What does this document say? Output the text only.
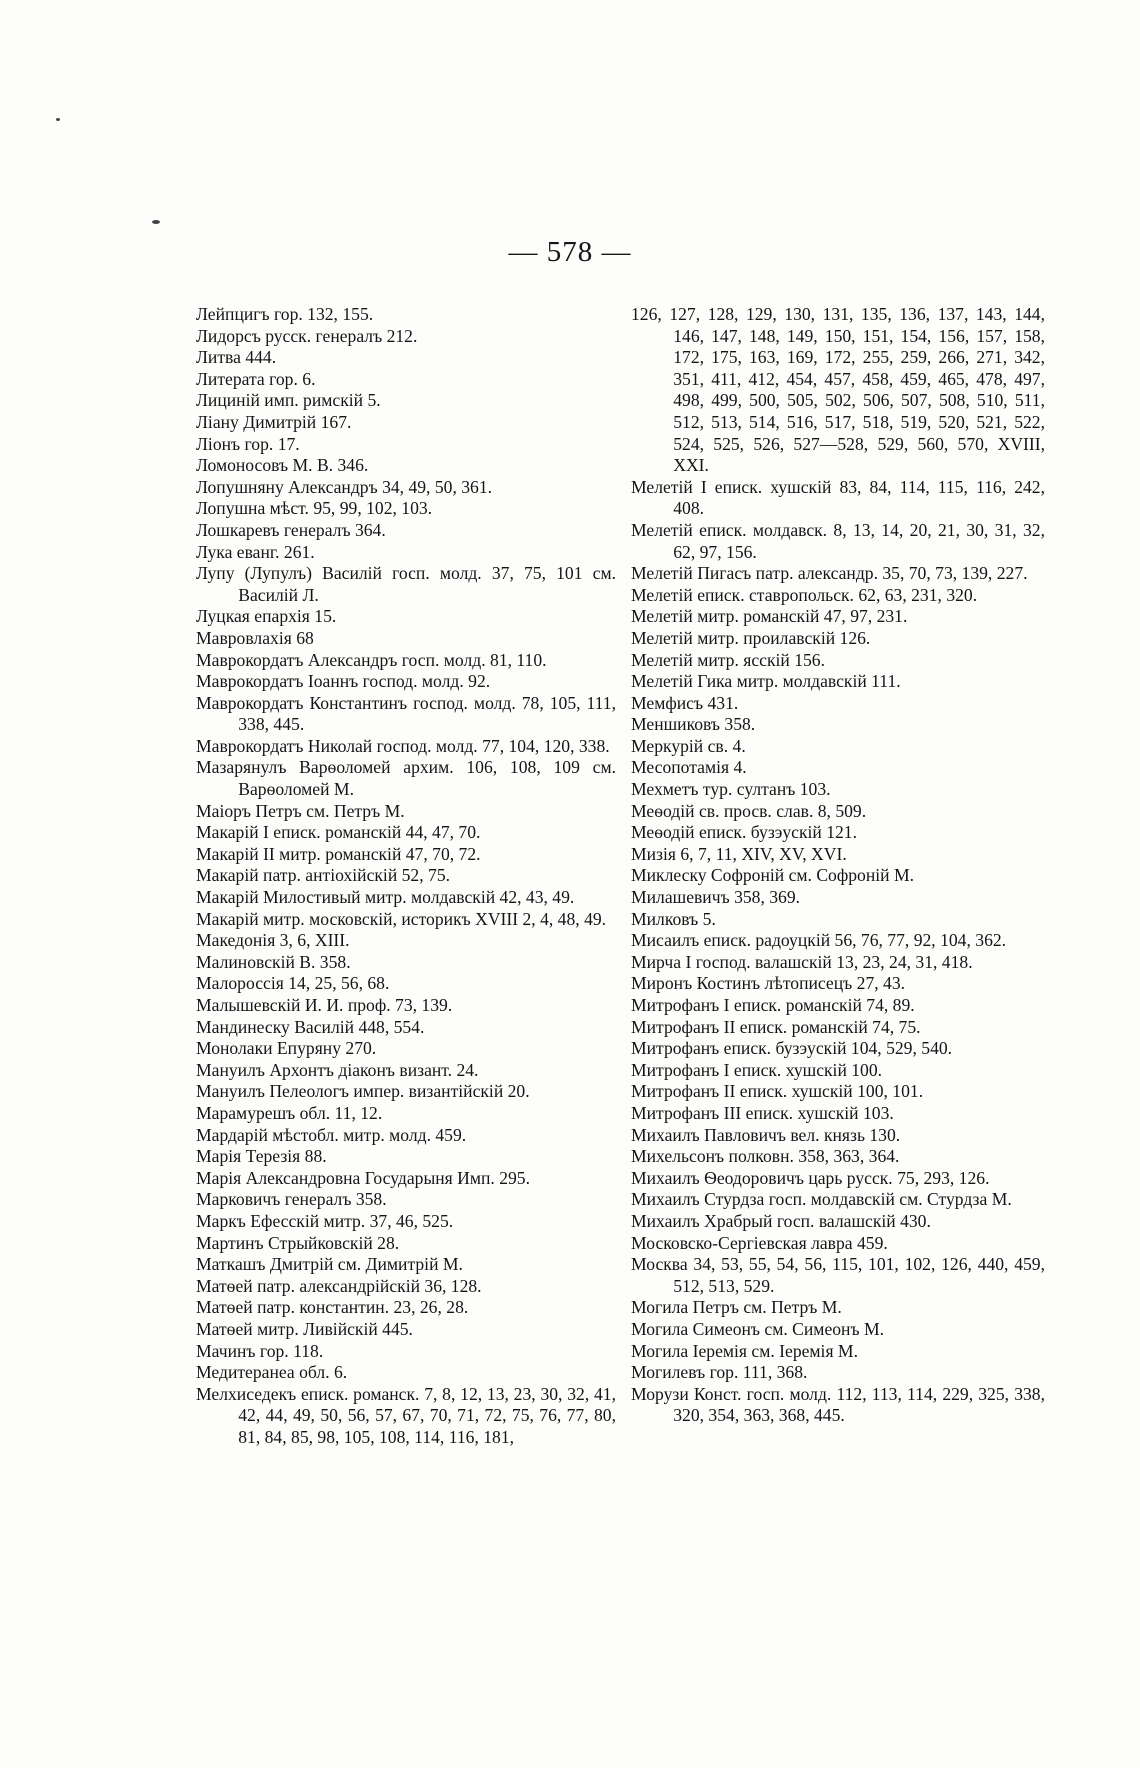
— 578 —
Лейпцигъ гор. 132, 155.
Лидорсъ русск. генералъ 212.
Литва 444.
Литерата гор. 6.
Лициній имп. римскій 5.
Ліану Димитрій 167.
Ліонъ гор. 17.
Ломоносовъ М. В. 346.
Лопушняну Александръ 34, 49, 50, 361.
Лопушна мѣст. 95, 99, 102, 103.
Лошкаревъ генералъ 364.
Лука еванг. 261.
Лупу (Лупулъ) Василій госп. молд. 37, 75, 101 см. Василій Л.
Луцкая епархія 15.
Мавровлахія 68
Маврокордатъ Александръ госп. молд. 81, 110.
Маврокордатъ Іоаннъ господ. молд. 92.
Маврокордатъ Константинъ господ. молд. 78, 105, 111, 338, 445.
Маврокордатъ Николай господ. молд. 77, 104, 120, 338.
Мазарянулъ Варѳоломей архим. 106, 108, 109 см. Варѳоломей М.
Маіоръ Петръ см. Петръ М.
Макарій I еписк. романскій 44, 47, 70.
Макарій II митр. романскій 47, 70, 72.
Макарій патр. антіохійскій 52, 75.
Макарій Милостивый митр. молдавскій 42, 43, 49.
Макарій митр. московскій, историкъ XVIII 2, 4, 48, 49.
Македонія 3, 6, XIII.
Малиновскій В. 358.
Малороссія 14, 25, 56, 68.
Малышевскій И. И. проф. 73, 139.
Мандинеску Василій 448, 554.
Монолаки Епуряну 270.
Мануилъ Архонтъ діаконъ визант. 24.
Мануилъ Пелеологъ импер. византійскій 20.
Марамурешъ обл. 11, 12.
Мардарій мѣстобл. митр. молд. 459.
Марія Терезія 88.
Марія Александровна Государыня Имп. 295.
Марковичъ генералъ 358.
Маркъ Ефесскій митр. 37, 46, 525.
Мартинъ Стрыйковскій 28.
Маткашъ Дмитрій см. Димитрій М.
Матѳей патр. александрійскій 36, 128.
Матѳей патр. константин. 23, 26, 28.
Матѳей митр. Ливійскій 445.
Мачинъ гор. 118.
Медитеранеа обл. 6.
Мелхиседекъ еписк. романск. 7, 8, 12, 13, 23, 30, 32, 41, 42, 44, 49, 50, 56, 57, 67, 70, 71, 72, 75, 76, 77, 80, 81, 84, 85, 98, 105, 108, 114, 116, 181,
126, 127, 128, 129, 130, 131, 135, 136, 137, 143, 144, 146, 147, 148, 149, 150, 151, 154, 156, 157, 158, 172, 175, 163, 169, 172, 255, 259, 266, 271, 342, 351, 411, 412, 454, 457, 458, 459, 465, 478, 497, 498, 499, 500, 505, 502, 506, 507, 508, 510, 511, 512, 513, 514, 516, 517, 518, 519, 520, 521, 522, 524, 525, 526, 527—528, 529, 560, 570, XVIII, XXI.
Мелетій I еписк. хушскій 83, 84, 114, 115, 116, 242, 408.
Мелетій еписк. молдавск. 8, 13, 14, 20, 21, 30, 31, 32, 62, 97, 156.
Мелетій Пигасъ патр. александр. 35, 70, 73, 139, 227.
Мелетій еписк. ставропольск. 62, 63, 231, 320.
Мелетій митр. романскій 47, 97, 231.
Мелетій митр. проилавскій 126.
Мелетій митр. ясскій 156.
Мелетій Гика митр. молдавскій 111.
Мемфисъ 431.
Меншиковъ 358.
Меркурій св. 4.
Месопотамія 4.
Мехметъ тур. султанъ 103.
Меѳодій св. просв. слав. 8, 509.
Меѳодій еписк. бузэускій 121.
Мизія 6, 7, 11, XIV, XV, XVI.
Миклеску Софроній см. Софроній М.
Милашевичъ 358, 369.
Милковъ 5.
Мисаилъ еписк. радоуцкій 56, 76, 77, 92, 104, 362.
Мирча I господ. валашскій 13, 23, 24, 31, 418.
Миронъ Костинъ лѣтописецъ 27, 43.
Митрофанъ I еписк. романскій 74, 89.
Митрофанъ II еписк. романскій 74, 75.
Митрофанъ еписк. бузэускій 104, 529, 540.
Митрофанъ I еписк. хушскій 100.
Митрофанъ II еписк. хушскій 100, 101.
Митрофанъ III еписк. хушскій 103.
Михаилъ Павловичъ вел. князь 130.
Михельсонъ полковн. 358, 363, 364.
Михаилъ Ѳеодоровичъ царь русск. 75, 293, 126.
Михаилъ Стурдза госп. молдавскій см. Стурдза М.
Михаилъ Храбрый госп. валашскій 430.
Московско-Сергіевская лавра 459.
Москва 34, 53, 55, 54, 56, 115, 101, 102, 126, 440, 459, 512, 513, 529.
Могила Петръ см. Петръ М.
Могила Симеонъ см. Симеонъ М.
Могила Іеремія см. Іеремія М.
Могилевъ гор. 111, 368.
Морузи Конст. госп. молд. 112, 113, 114, 229, 325, 338, 320, 354, 363, 368, 445.
